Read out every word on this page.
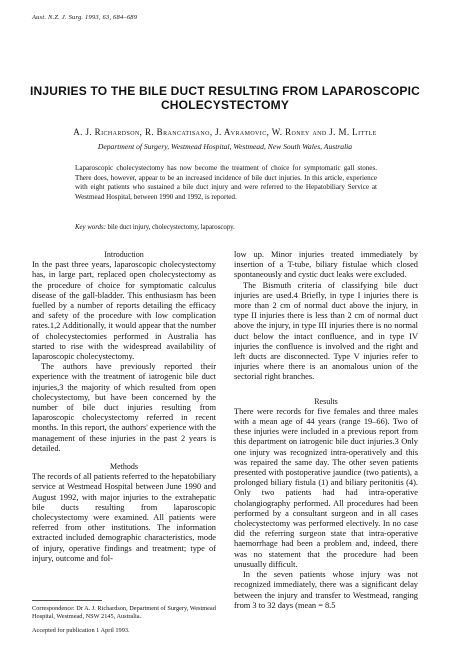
Aust. N.Z. J. Surg. 1993, 63, 684–689
INJURIES TO THE BILE DUCT RESULTING FROM LAPAROSCOPIC CHOLECYSTECTOMY
A. J. Richardson, R. Brancatisano, J. Avramovic, W. Roney and J. M. Little
Department of Surgery, Westmead Hospital, Westmead, New South Wales, Australia
Laparoscopic cholecystectomy has now become the treatment of choice for symptomatic gall stones. There does, however, appear to be an increased incidence of bile duct injuries. In this article, experience with eight patients who sustained a bile duct injury and were referred to the Hepatobiliary Service at Westmead Hospital, between 1990 and 1992, is reported.
Key words: bile duct injury, cholecystectomy, laparoscopy.

Introduction

In the past three years, laparoscopic cholecystectomy has, in large part, replaced open cholecystectomy as the procedure of choice for symptomatic calculus disease of the gall-bladder. This enthusiasm has been fuelled by a number of reports detailing the efficacy and safety of the procedure with low complication rates.1,2 Additionally, it would appear that the number of cholecystectomies performed in Australia has started to rise with the widespread availability of laparoscopic cholecystectomy.

The authors have previously reported their experience with the treatment of iatrogenic bile duct injuries,3 the majority of which resulted from open cholecystectomy, but have been concerned by the number of bile duct injuries resulting from laparoscopic cholecystectomy referred in recent months. In this report, the authors' experience with the management of these injuries in the past 2 years is detailed.

Methods

The records of all patients referred to the hepatobiliary service at Westmead Hospital between June 1990 and August 1992, with major injuries to the extrahepatic bile ducts resulting from laparoscopic cholecystectomy were examined. All patients were referred from other institutions. The information extracted included demographic characteristics, mode of injury, operative findings and treatment; type of injury, outcome and fol-

Correspondence: Dr A. J. Richardson, Department of Surgery, Westmead Hospital, Westmead, NSW 2145, Australia.
Accepted for publication 1 April 1993.

low up. Minor injuries treated immediately by insertion of a T-tube, biliary fistulae which closed spontaneously and cystic duct leaks were excluded.

The Bismuth criteria of classifying bile duct injuries are used.4 Briefly, in type I injuries there is more than 2 cm of normal duct above the injury, in type II injuries there is less than 2 cm of normal duct above the injury, in type III injuries there is no normal duct below the intact confluence, and in type IV injuries the confluence is involved and the right and left ducts are disconnected. Type V injuries refer to injuries where there is an anomalous union of the sectorial right branches.

Results

There were records for five females and three males with a mean age of 44 years (range 19–66). Two of these injuries were included in a previous report from this department on iatrogenic bile duct injuries.3 Only one injury was recognized intra-operatively and this was repaired the same day. The other seven patients presented with postoperative jaundice (two patients), a prolonged biliary fistula (1) and biliary peritonitis (4). Only two patients had had intra-operative cholangiography performed. All procedures had been performed by a consultant surgeon and in all cases cholecystectomy was performed electively. In no case did the referring surgeon state that intra-operative haemorrhage had been a problem and, indeed, there was no statement that the procedure had been unusually difficult.

In the seven patients whose injury was not recognized immediately, there was a significant delay between the injury and transfer to Westmead, ranging from 3 to 32 days (mean = 8.5
